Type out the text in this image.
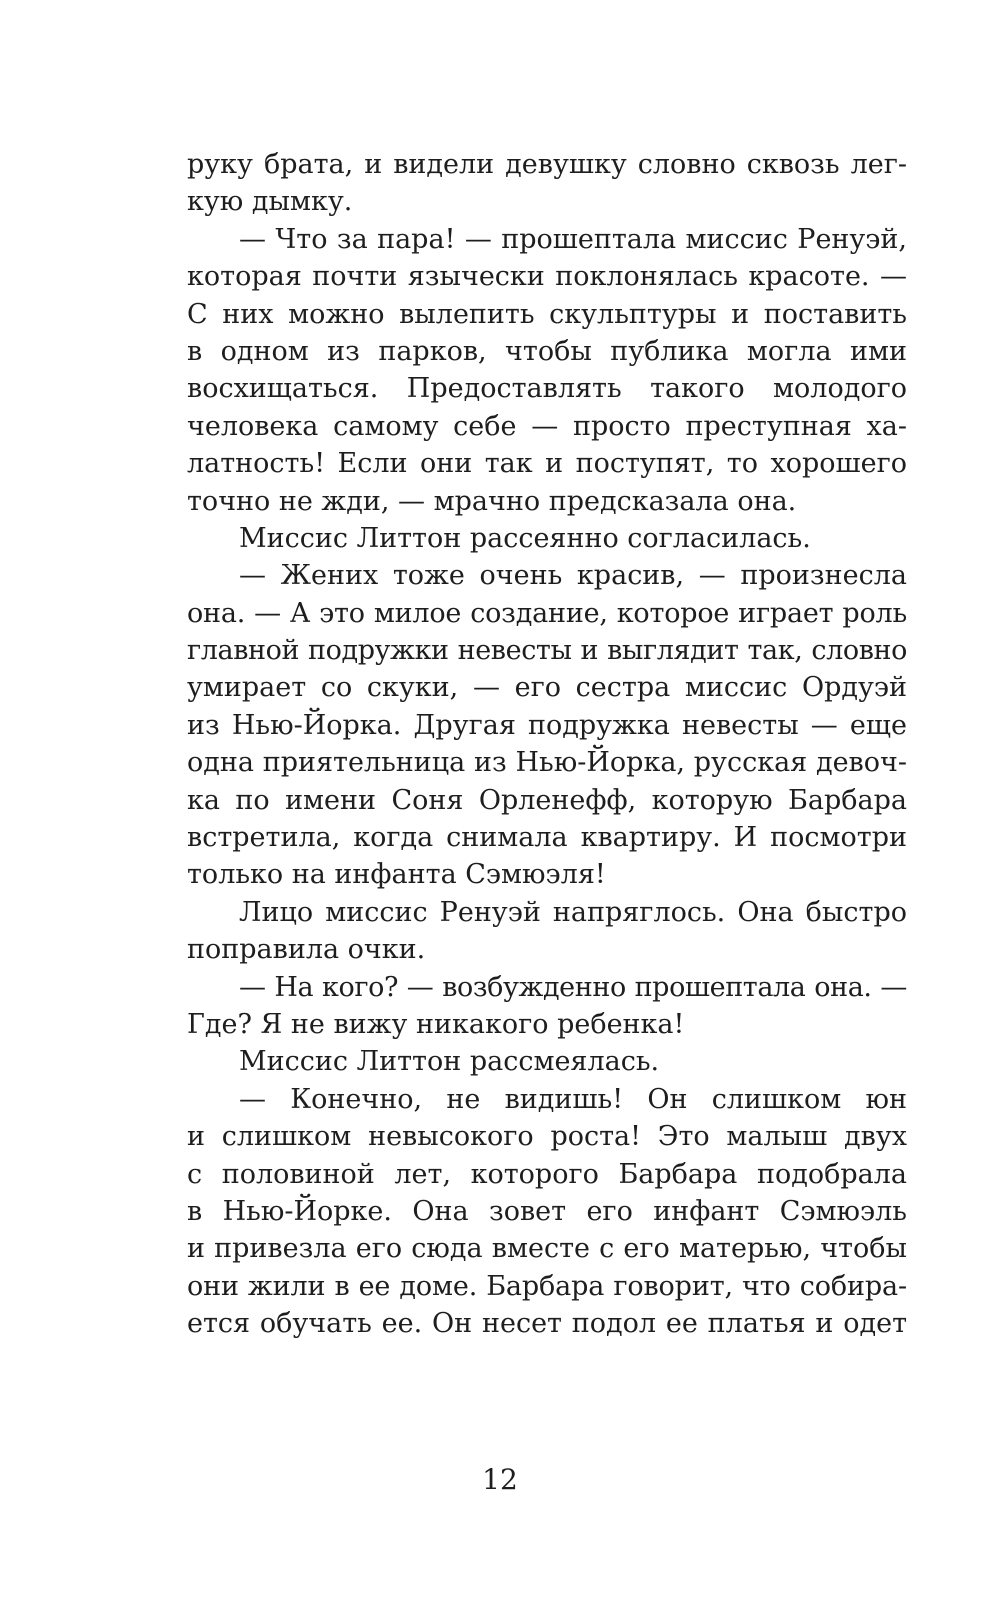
руку брата, и видели девушку словно сквозь лег-
кую дымку.
— Что за пара! — прошептала миссис Ренуэй,
которая почти язычески поклонялась красоте. —
С них можно вылепить скульптуры и поставить
в одном из парков, чтобы публика могла ими
восхищаться. Предоставлять такого молодого
человека самому себе — просто преступная ха-
латность! Если они так и поступят, то хорошего
точно не жди, — мрачно предсказала она.
Миссис Литтон рассеянно согласилась.
— Жених тоже очень красив, — произнесла
она. — А это милое создание, которое играет роль
главной подружки невесты и выглядит так, словно
умирает со скуки, — его сестра миссис Ордуэй
из Нью-Йорка. Другая подружка невесты — еще
одна приятельница из Нью-Йорка, русская девоч-
ка по имени Соня Орленефф, которую Барбара
встретила, когда снимала квартиру. И посмотри
только на инфанта Сэмюэля!
Лицо миссис Ренуэй напряглось. Она быстро
поправила очки.
— На кого? — возбужденно прошептала она. —
Где? Я не вижу никакого ребенка!
Миссис Литтон рассмеялась.
— Конечно, не видишь! Он слишком юн
и слишком невысокого роста! Это малыш двух
с половиной лет, которого Барбара подобрала
в Нью-Йорке. Она зовет его инфант Сэмюэль
и привезла его сюда вместе с его матерью, чтобы
они жили в ее доме. Барбара говорит, что собира-
ется обучать ее. Он несет подол ее платья и одет
12
